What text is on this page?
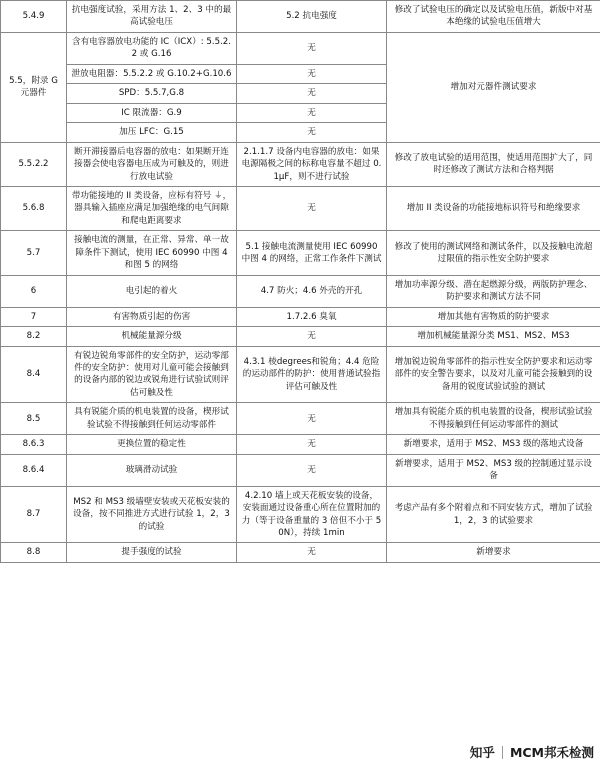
5.4.9	抗电强度试验，采用方法 1、2、3 中的最高试验电压	5.2 抗电强度	修改了试验电压的确定以及试验电压值，新版中对基本绝缘的试验电压值增大
5.5，附录 G 元器件	含有电容器放电功能的 IC（ICX）: 5.5.2.2 或 G.16	无	增加对元器件测试要求
	泄放电阻器：5.5.2.2 或 G.10.2+G.10.6	无	
	SPD：5.5.7,G.8	无	
	IC 限流器：G.9	无	
	加压 LFC：G.15	无	
5.5.2.2	断开滞接器后电容器的放电：如果断开连接器会使电容器电压成为可触及的，则进行放电试验	2.1.1.7 设备内电容器的放电：如果电源隔极之间的标称电容量不超过 0.1μF，则不进行试验	修改了放电试验的适用范围，使适用范围扩大了，同时还修改了测试方法和合格判据
5.6.8	带功能接地的 II 类设备，应标有符号 ⏚，器具输入插座应满足加强绝缘的电气间隙和爬电距离要求	无	增加 II 类设备的功能接地标识符号和绝缘要求
5.7	接触电流的测量，在正常、异常、单一故障条件下测试，使用 IEC 60990 中图 4 和图 5 的网络	5.1 接触电流测量使用 IEC 60990 中图 4 的网络，正常工作条件下测试	修改了使用的测试网络和测试条件，以及接触电流超过限值的指示性安全防护要求
6	电引起的着火	4.7 防火；4.6 外壳的开孔	增加功率源分级、潜在起燃源分级，两版防护理念、防护要求和测试方法不同
7	有害物质引起的伤害	1.7.2.6 臭氧	增加其他有害物质的防护要求
8.2	机械能量源分级	无	增加机械能量源分类 MS1、MS2、MS3
8.4	有锐边锐角零部件的安全防护，运动零部件的安全防护：使用对儿童可能会接触到的设备内部的锐边或锐角进行试验试则评估可触及性	4.3.1 棱degrees和锐角；4.4 危险的运动部件的防护：使用普通试验指评估可触及性	增加锐边锐角零部件的指示性安全防护要求和运动零部件的安全警告要求，以及对儿童可能会接触到的设备用的锐度试验试验的测试
8.5	具有锐能介质的机电装置的设备，楔形试验试验不得接触到任何运动零部件	无	增加具有锐能介质的机电装置的设备，楔形试验试验不得接触到任何运动零部件的测试
8.6.3	更换位置的稳定性	无	新增要求，适用于 MS2、MS3 级的落地式设备
8.6.4	玻璃滑动试验	无	新增要求，适用于 MS2、MS3 级的控制通过显示设备
8.7	MS2 和 MS3 级墙壁安装或天花板安装的设备，按不同推进方式进行试验 1，2，3 的试验	4.2.10 墙上或天花板安装的设备，安装面通过设备重心所在位置附加的力（等于设备重量的 3 倍但不小于 50N），持续 1min	考虑产品有多个附着点和不同安装方式，增加了试验 1，2，3 的试验要求
8.8	提手强度的试验	无	新增要求
知乎 MCM邦禾检测
